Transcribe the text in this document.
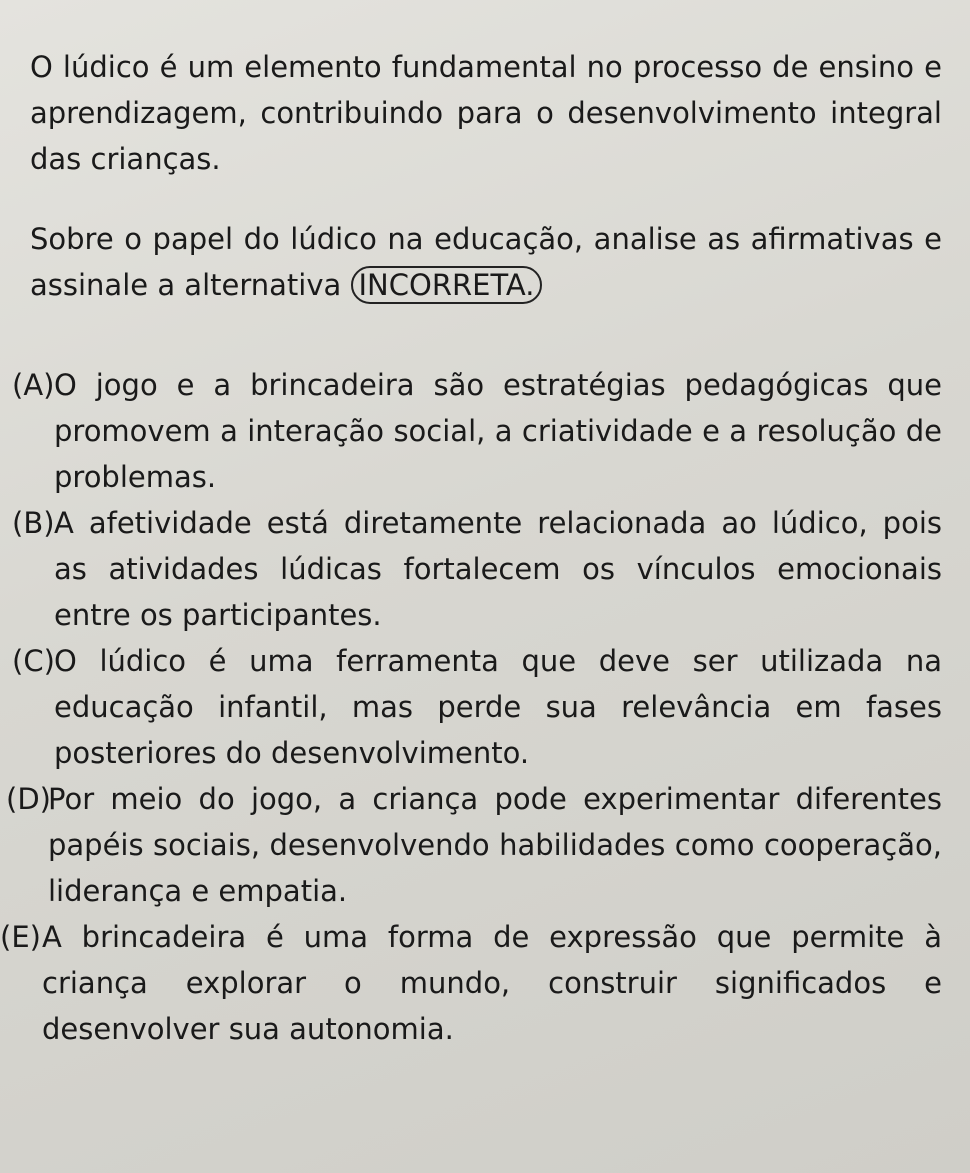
O lúdico é um elemento fundamental no processo de ensino e aprendizagem, contribuindo para o desenvolvimento integral das crianças.

Sobre o papel do lúdico na educação, analise as afirmativas e assinale a alternativa INCORRETA.

(A) O jogo e a brincadeira são estratégias pedagógicas que promovem a interação social, a criatividade e a resolução de problemas.

(B) A afetividade está diretamente relacionada ao lúdico, pois as atividades lúdicas fortalecem os vínculos emocionais entre os participantes.

(C) O lúdico é uma ferramenta que deve ser utilizada na educação infantil, mas perde sua relevância em fases posteriores do desenvolvimento.

(D)
Por meio do jogo, a criança pode experimentar diferentes papéis sociais, desenvolvendo habilidades como cooperação, liderança e empatia.

(E) A brincadeira é uma forma de expressão que permite à criança explorar o mundo, construir significados e desenvolver sua autonomia.
